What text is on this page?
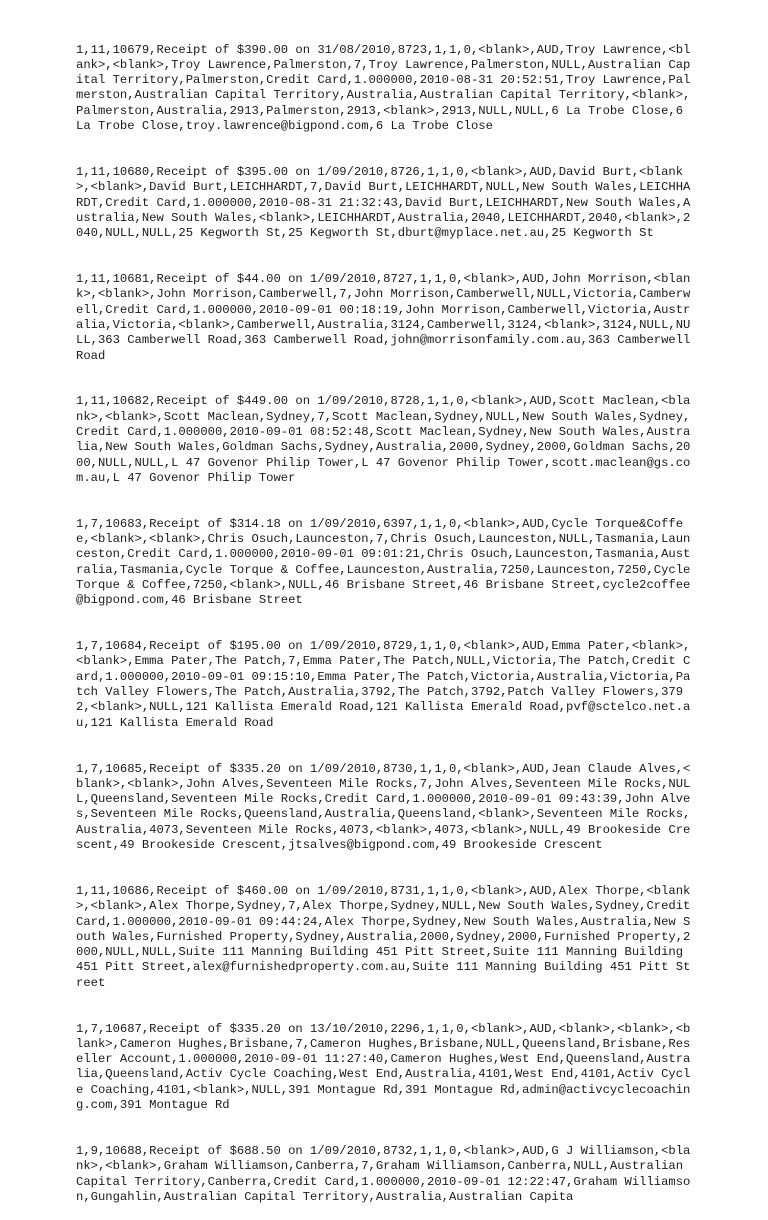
1,11,10679,Receipt of $390.00 on 31/08/2010,8723,1,1,0,<blank>,AUD,Troy Lawrence,<blank>,<blank>,Troy Lawrence,Palmerston,7,Troy Lawrence,Palmerston,NULL,Australian Capital Territory,Palmerston,Credit Card,1.000000,2010-08-31 20:52:51,Troy Lawrence,Palmerston,Australian Capital Territory,Australia,Australian Capital Territory,<blank>,Palmerston,Australia,2913,Palmerston,2913,<blank>,2913,NULL,NULL,6 La Trobe Close,6 La Trobe Close,troy.lawrence@bigpond.com,6 La Trobe Close

1,11,10680,Receipt of $395.00 on 1/09/2010,8726,1,1,0,<blank>,AUD,David Burt,<blank>,<blank>,David Burt,LEICHHARDT,7,David Burt,LEICHHARDT,NULL,New South Wales,LEICHHARDT,Credit Card,1.000000,2010-08-31 21:32:43,David Burt,LEICHHARDT,New South Wales,Australia,New South Wales,<blank>,LEICHHARDT,Australia,2040,LEICHHARDT,2040,<blank>,2040,NULL,NULL,25 Kegworth St,25 Kegworth St,dburt@myplace.net.au,25 Kegworth St

1,11,10681,Receipt of $44.00 on 1/09/2010,8727,1,1,0,<blank>,AUD,John Morrison,<blank>,<blank>,John Morrison,Camberwell,7,John Morrison,Camberwell,NULL,Victoria,Camberwell,Credit Card,1.000000,2010-09-01 00:18:19,John Morrison,Camberwell,Victoria,Australia,Victoria,<blank>,Camberwell,Australia,3124,Camberwell,3124,<blank>,3124,NULL,NULL,363 Camberwell Road,363 Camberwell Road,john@morrisonfamily.com.au,363 Camberwell Road

1,11,10682,Receipt of $449.00 on 1/09/2010,8728,1,1,0,<blank>,AUD,Scott Maclean,<blank>,<blank>,Scott Maclean,Sydney,7,Scott Maclean,Sydney,NULL,New South Wales,Sydney,Credit Card,1.000000,2010-09-01 08:52:48,Scott Maclean,Sydney,New South Wales,Australia,New South Wales,Goldman Sachs,Sydney,Australia,2000,Sydney,2000,Goldman Sachs,2000,NULL,NULL,L 47 Govenor Philip Tower,L 47 Govenor Philip Tower,scott.maclean@gs.com.au,L 47 Govenor Philip Tower

1,7,10683,Receipt of $314.18 on 1/09/2010,6397,1,1,0,<blank>,AUD,Cycle Torque&Coffee,<blank>,<blank>,Chris Osuch,Launceston,7,Chris Osuch,Launceston,NULL,Tasmania,Launceston,Credit Card,1.000000,2010-09-01 09:01:21,Chris Osuch,Launceston,Tasmania,Australia,Tasmania,Cycle Torque & Coffee,Launceston,Australia,7250,Launceston,7250,Cycle Torque & Coffee,7250,<blank>,NULL,46 Brisbane Street,46 Brisbane Street,cycle2coffee@bigpond.com,46 Brisbane Street

1,7,10684,Receipt of $195.00 on 1/09/2010,8729,1,1,0,<blank>,AUD,Emma Pater,<blank>,<blank>,Emma Pater,The Patch,7,Emma Pater,The Patch,NULL,Victoria,The Patch,Credit Card,1.000000,2010-09-01 09:15:10,Emma Pater,The Patch,Victoria,Australia,Victoria,Patch Valley Flowers,The Patch,Australia,3792,The Patch,3792,Patch Valley Flowers,3792,<blank>,NULL,121 Kallista Emerald Road,121 Kallista Emerald Road,pvf@sctelco.net.au,121 Kallista Emerald Road

1,7,10685,Receipt of $335.20 on 1/09/2010,8730,1,1,0,<blank>,AUD,Jean Claude Alves,<blank>,<blank>,John Alves,Seventeen Mile Rocks,7,John Alves,Seventeen Mile Rocks,NULL,Queensland,Seventeen Mile Rocks,Credit Card,1.000000,2010-09-01 09:43:39,John Alves,Seventeen Mile Rocks,Queensland,Australia,Queensland,<blank>,Seventeen Mile Rocks,Australia,4073,Seventeen Mile Rocks,4073,<blank>,4073,<blank>,NULL,49 Brookeside Crescent,49 Brookeside Crescent,jtsalves@bigpond.com,49 Brookeside Crescent

1,11,10686,Receipt of $460.00 on 1/09/2010,8731,1,1,0,<blank>,AUD,Alex Thorpe,<blank>,<blank>,Alex Thorpe,Sydney,7,Alex Thorpe,Sydney,NULL,New South Wales,Sydney,Credit Card,1.000000,2010-09-01 09:44:24,Alex Thorpe,Sydney,New South Wales,Australia,New South Wales,Furnished Property,Sydney,Australia,2000,Sydney,2000,Furnished Property,2000,NULL,NULL,Suite 111 Manning Building 451 Pitt Street,Suite 111 Manning Building 451 Pitt Street,alex@furnishedproperty.com.au,Suite 111 Manning Building 451 Pitt Street

1,7,10687,Receipt of $335.20 on 13/10/2010,2296,1,1,0,<blank>,AUD,<blank>,<blank>,<blank>,Cameron Hughes,Brisbane,7,Cameron Hughes,Brisbane,NULL,Queensland,Brisbane,Reseller Account,1.000000,2010-09-01 11:27:40,Cameron Hughes,West End,Queensland,Australia,Queensland,Activ Cycle Coaching,West End,Australia,4101,West End,4101,Activ Cycle Coaching,4101,<blank>,NULL,391 Montague Rd,391 Montague Rd,admin@activcyclecoaching.com,391 Montague Rd

1,9,10688,Receipt of $688.50 on 1/09/2010,8732,1,1,0,<blank>,AUD,G J Williamson,<blank>,<blank>,Graham Williamson,Canberra,7,Graham Williamson,Canberra,NULL,Australian Capital Territory,Canberra,Credit Card,1.000000,2010-09-01 12:22:47,Graham Williamson,Gungahlin,Australian Capital Territory,Australia,Australian Capita
